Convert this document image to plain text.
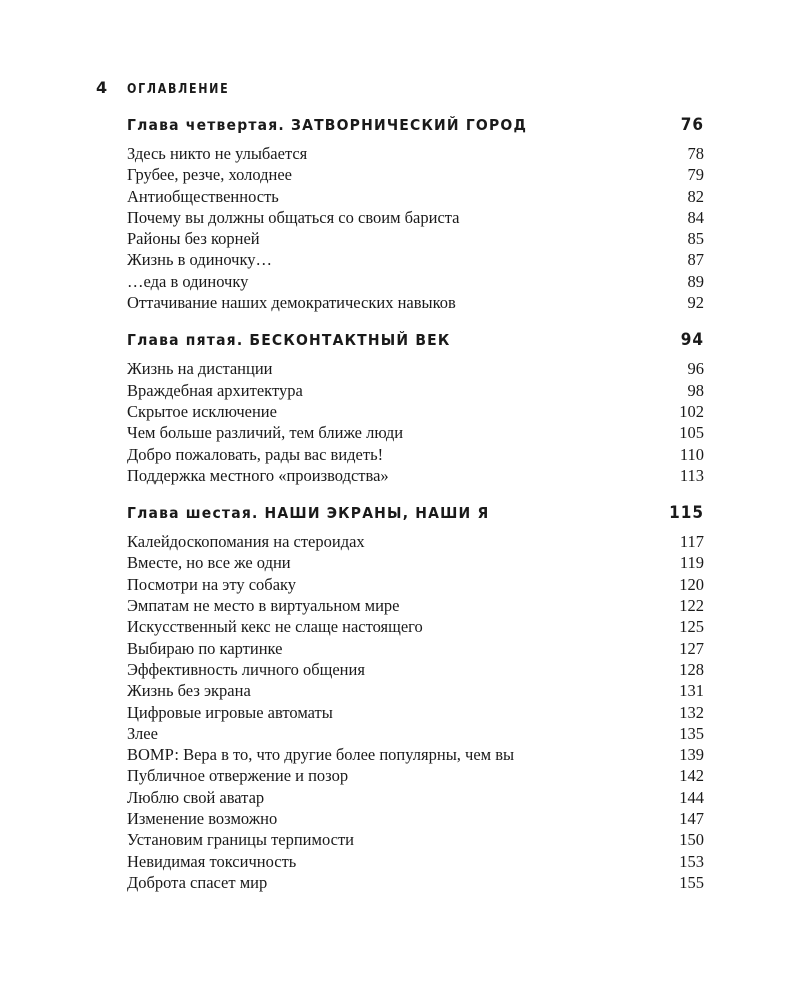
4 ОГЛАВЛЕНИЕ
Глава четвертая. ЗАТВОРНИЧЕСКИЙ ГОРОД	76
Здесь никто не улыбается	78
Грубее, резче, холоднее	79
Антиобщественность	82
Почему вы должны общаться со своим бариста	84
Районы без корней	85
Жизнь в одиночку…	87
…еда в одиночку	89
Оттачивание наших демократических навыков	92
Глава пятая. БЕСКОНТАКТНЫЙ ВЕК	94
Жизнь на дистанции	96
Враждебная архитектура	98
Скрытое исключение	102
Чем больше различий, тем ближе люди	105
Добро пожаловать, рады вас видеть!	110
Поддержка местного «производства»	113
Глава шестая. НАШИ ЭКРАНЫ, НАШИ Я	115
Калейдоскопомания на стероидах	117
Вместе, но все же одни	119
Посмотри на эту собаку	120
Эмпатам не место в виртуальном мире	122
Искусственный кекс не слаще настоящего	125
Выбираю по картинке	127
Эффективность личного общения	128
Жизнь без экрана	131
Цифровые игровые автоматы	132
Злее	135
ВОМР: Вера в то, что другие более популярны, чем вы	139
Публичное отвержение и позор	142
Люблю свой аватар	144
Изменение возможно	147
Установим границы терпимости	150
Невидимая токсичность	153
Доброта спасет мир	155
